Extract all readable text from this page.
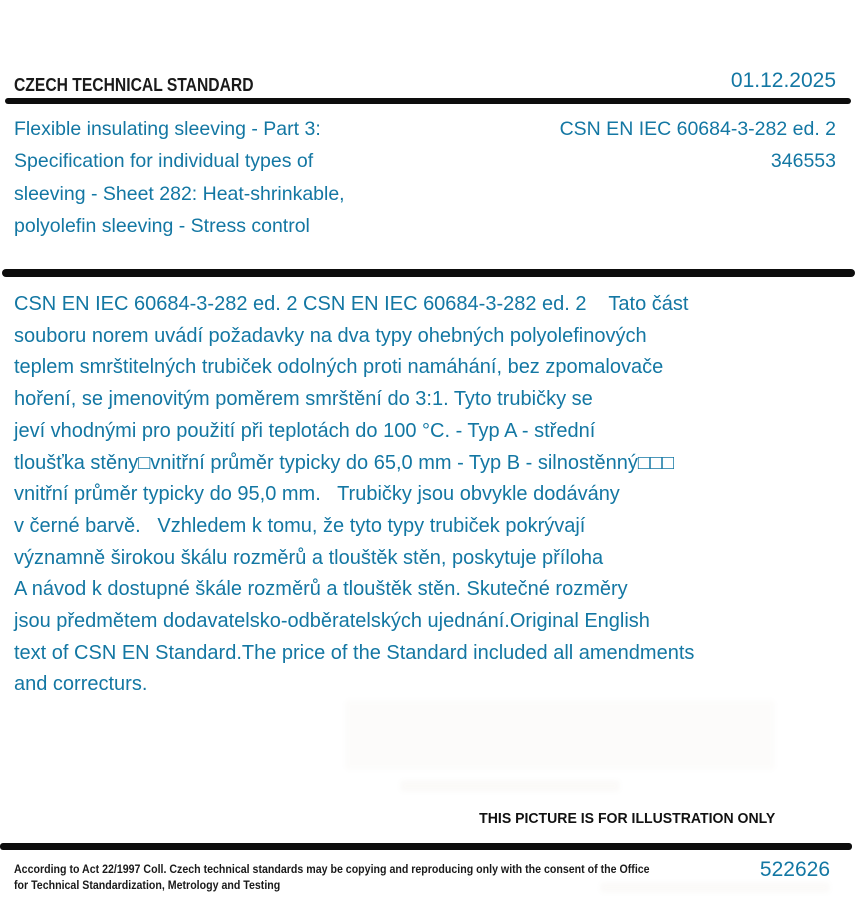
CZECH TECHNICAL STANDARD	01.12.2025
Flexible insulating sleeving - Part 3:
Specification for individual types of
sleeving - Sheet 282: Heat-shrinkable,
polyolefin sleeving - Stress control
CSN EN IEC 60684-3-282 ed. 2
346553
CSN EN IEC 60684-3-282 ed. 2 CSN EN IEC 60684-3-282 ed. 2    Tato část
souboru norem uvádí požadavky na dva typy ohebných polyolefinových
teplem smrštitelných trubiček odolných proti namáhání, bez zpomalovače
hoření, se jmenovitým poměrem smrštění do 3:1. Tyto trubičky se
jeví vhodnými pro použití při teplotách do 100 °C. - Typ A - střední
tloušťka stěny□vnitřní průměr typicky do 65,0 mm - Typ B - silnostěnný□□□
vnitřní průměr typicky do 95,0 mm.   Trubičky jsou obvykle dodávány
v černé barvě.   Vzhledem k tomu, že tyto typy trubiček pokrývají
významně širokou škálu rozměrů a tlouštěk stěn, poskytuje příloha
A návod k dostupné škále rozměrů a tlouštěk stěn. Skutečné rozměry
jsou předmětem dodavatelsko-odběratelských ujednání.Original English
text of CSN EN Standard.The price of the Standard included all amendments
and correcturs.
THIS PICTURE IS FOR ILLUSTRATION ONLY
According to Act 22/1997 Coll. Czech technical standards may be copying and reproducing only with the consent of the Office
for Technical Standardization, Metrology and Testing
522626
